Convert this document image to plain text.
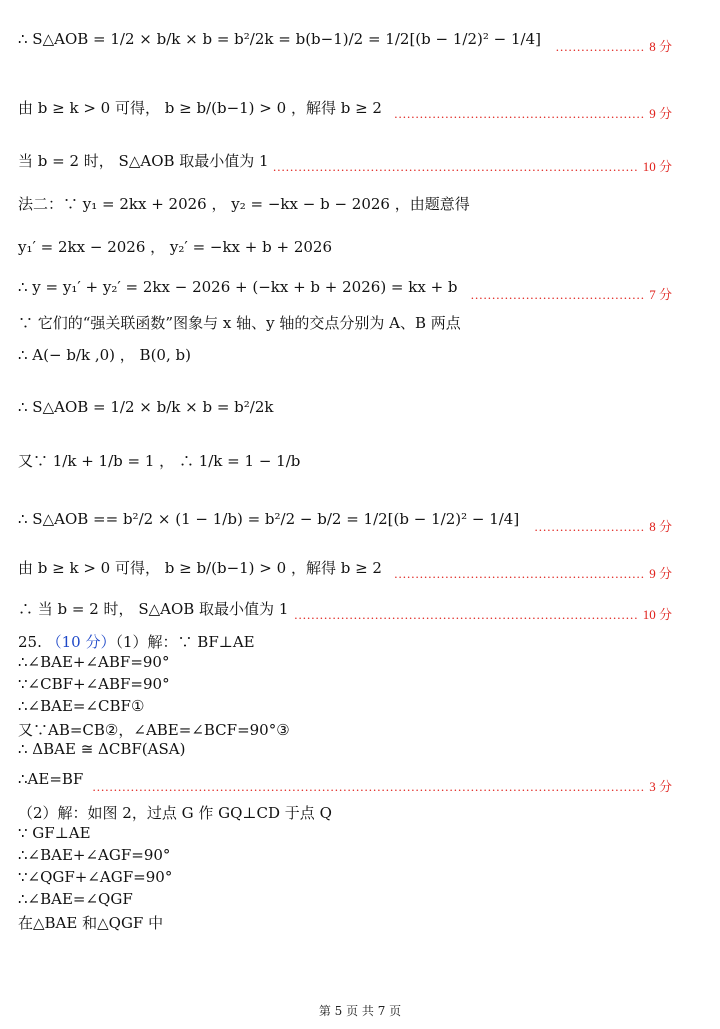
∴ S△AOB = 1/2 × b/k × b = b²/2k = b(b−1)/2 = 1/2[(b − 1/2)² − 1/4] ..................... 8 分
由 b ≥ k > 0 可得， b ≥ b/(b−1) > 0 ，解得 b ≥ 2 ........................................................... 9 分
当 b = 2 时， S△AOB 取最小值为 1 ...................................................................................... 10 分
法二：∵ y₁ = 2kx + 2026 ， y₂ = −kx − b − 2026 ，由题意得
y₁′ = 2kx − 2026 ， y₂′ = −kx + b + 2026
∴ y = y₁′ + y₂′ = 2kx − 2026 + (−kx + b + 2026) = kx + b ......................................... 7 分
∵ 它们的“强关联函数”图象与 x 轴、y 轴的交点分别为 A、B 两点
∴ A(− b/k ,0) ， B(0, b)
∴ S△AOB = 1/2 × b/k × b = b²/2k
又∵ 1/k + 1/b = 1 ， ∴ 1/k = 1 − 1/b
∴ S△AOB == b²/2 × (1 − 1/b) = b²/2 − b/2 = 1/2[(b − 1/2)² − 1/4] .......................... 8 分
由 b ≥ k > 0 可得， b ≥ b/(b−1) > 0 ，解得 b ≥ 2 ........................................................... 9 分
∴ 当 b = 2 时， S△AOB 取最小值为 1 ................................................................................. 10 分
25. （10 分）（1）解：∵ BF⊥AE
∴∠BAE+∠ABF=90°
∵∠CBF+∠ABF=90°
∴∠BAE=∠CBF①
又∵AB=CB②，∠ABE=∠BCF=90°③
∴ ΔBAE ≅ ΔCBF(ASA)
∴AE=BF .................................................................................................................................. 3 分
（2）解：如图 2，过点 G 作 GQ⊥CD 于点 Q
∵ GF⊥AE
∴∠BAE+∠AGF=90°
∵∠QGF+∠AGF=90°
∴∠BAE=∠QGF
在△BAE 和△QGF 中
第 5 页 共 7 页
